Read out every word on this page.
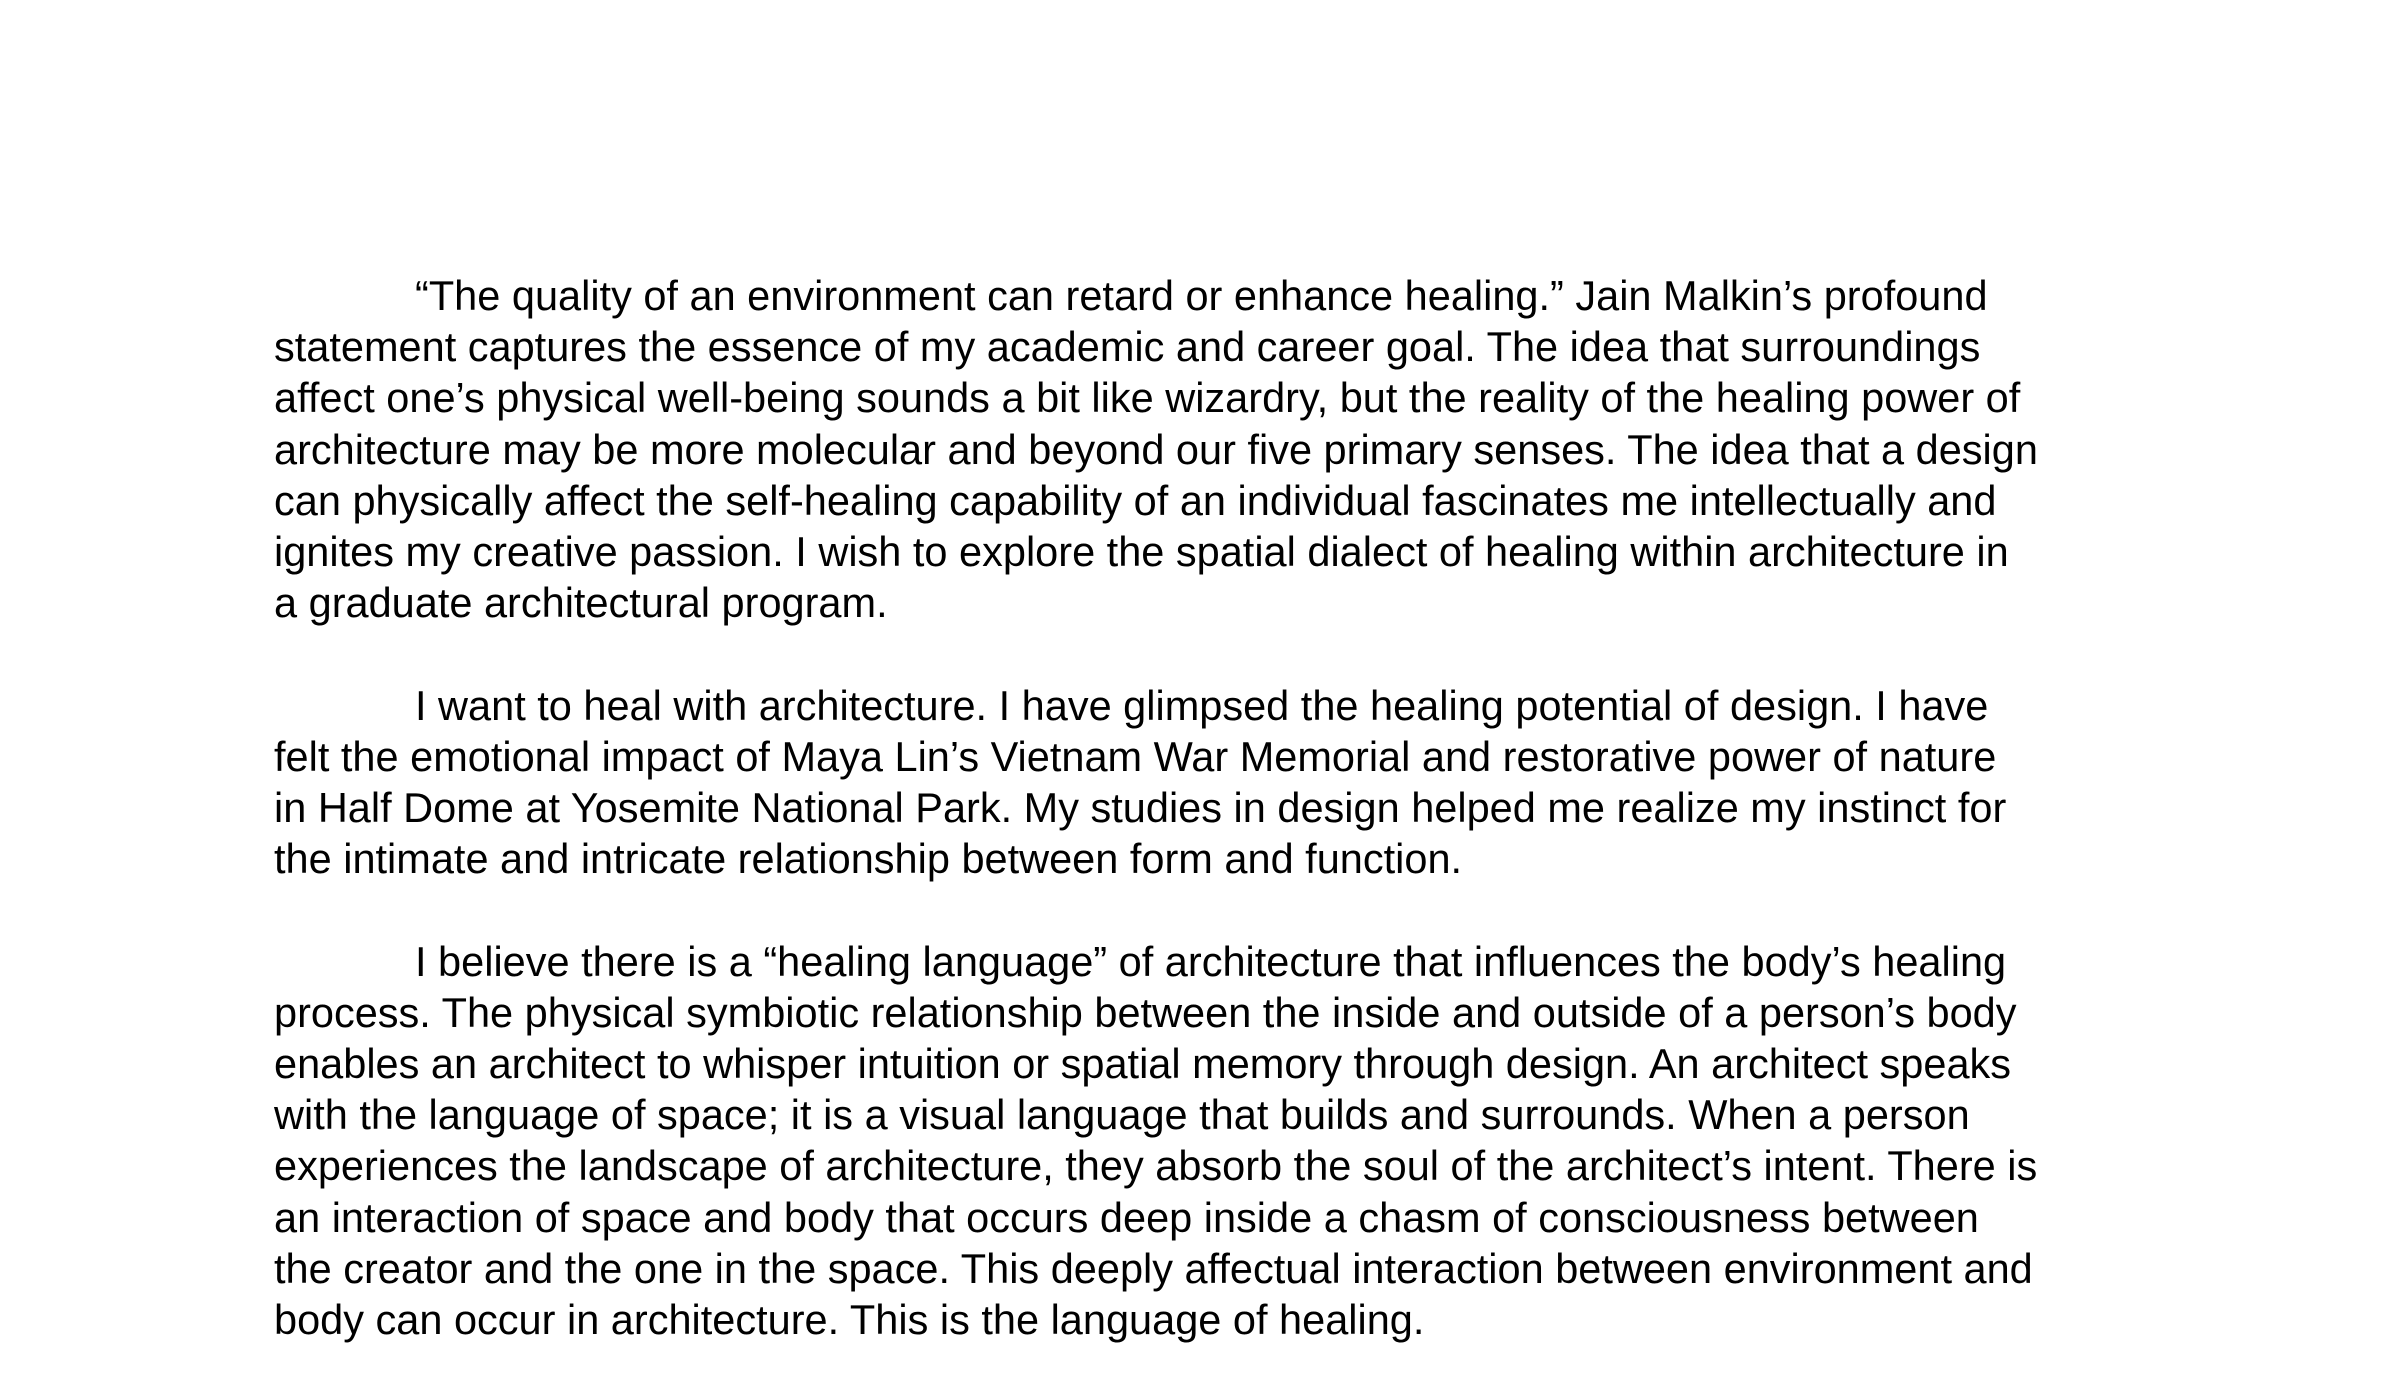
“The quality of an environment can retard or enhance healing.” Jain Malkin’s profound
statement captures the essence of my academic and career goal. The idea that surroundings
affect one’s physical well-being sounds a bit like wizardry, but the reality of the healing power of
architecture may be more molecular and beyond our five primary senses. The idea that a design
can physically affect the self-healing capability of an individual fascinates me intellectually and
ignites my creative passion. I wish to explore the spatial dialect of healing within architecture in
a graduate architectural program.
I want to heal with architecture. I have glimpsed the healing potential of design. I have
felt the emotional impact of Maya Lin’s Vietnam War Memorial and restorative power of nature
in Half Dome at Yosemite National Park. My studies in design helped me realize my instinct for
the intimate and intricate relationship between form and function.
I believe there is a “healing language” of architecture that influences the body’s healing
process. The physical symbiotic relationship between the inside and outside of a person’s body
enables an architect to whisper intuition or spatial memory through design. An architect speaks
with the language of space; it is a visual language that builds and surrounds. When a person
experiences the landscape of architecture, they absorb the soul of the architect’s intent. There is
an interaction of space and body that occurs deep inside a chasm of consciousness between
the creator and the one in the space. This deeply affectual interaction between environment and
body can occur in architecture. This is the language of healing.
